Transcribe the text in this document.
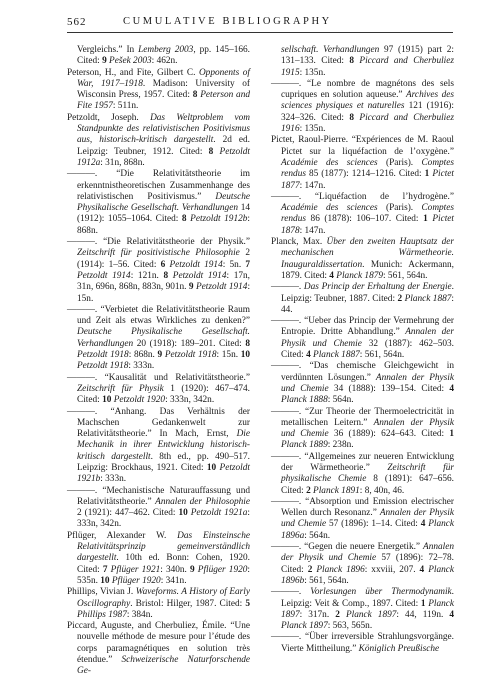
562	CUMULATIVE BIBLIOGRAPHY

Vergleichs.” In Lemberg 2003, pp. 145–166. Cited: 9 Pešek 2003: 462n.

Peterson, H., and Fite, Gilbert C. Opponents of War, 1917–1918. Madison: University of Wisconsin Press, 1957. Cited: 8 Peterson and Fite 1957: 511n.

Petzoldt, Joseph. Das Weltproblem vom Standpunkte des relativistischen Positivismus aus, historisch-kritisch dargestellt. 2d ed. Leipzig: Teubner, 1912. Cited: 8 Petzoldt 1912a: 31n, 868n.

———. “Die Relativitätstheorie im erkenntnistheoretischen Zusammenhange des relativistischen Positivismus.” Deutsche Physikalische Gesellschaft. Verhandlungen 14 (1912): 1055–1064. Cited: 8 Petzoldt 1912b: 868n.

———. “Die Relativitätstheorie der Physik.” Zeitschrift für positivistische Philosophie 2 (1914): 1–56. Cited: 6 Petzoldt 1914: 5n. 7 Petzoldt 1914: 121n. 8 Petzoldt 1914: 17n, 31n, 696n, 868n, 883n, 901n. 9 Petzoldt 1914: 15n.

———. “Verbietet die Relativitätstheorie Raum und Zeit als etwas Wirkliches zu denken?” Deutsche Physikalische Gesellschaft. Verhandlungen 20 (1918): 189–201. Cited: 8 Petzoldt 1918: 868n. 9 Petzoldt 1918: 15n. 10 Petzoldt 1918: 333n.

———. “Kausalität und Relativitätstheorie.” Zeitschrift für Physik 1 (1920): 467–474. Cited: 10 Petzoldt 1920: 333n, 342n.

———. “Anhang. Das Verhältnis der Machschen Gedankenwelt zur Relativitätstheorie.” In Mach, Ernst, Die Mechanik in ihrer Entwicklung historisch-kritisch dargestellt. 8th ed., pp. 490–517. Leipzig: Brockhaus, 1921. Cited: 10 Petzoldt 1921b: 333n.

———. “Mechanistische Naturauffassung und Relativitätstheorie.” Annalen der Philosophie 2 (1921): 447–462. Cited: 10 Petzoldt 1921a: 333n, 342n.

Pflüger, Alexander W. Das Einsteinsche Relativitätsprinzip gemeinverständlich dargestellt. 10th ed. Bonn: Cohen, 1920. Cited: 7 Pflüger 1921: 340n. 9 Pflüger 1920: 535n. 10 Pflüger 1920: 341n.

Phillips, Vivian J. Waveforms. A History of Early Oscillography. Bristol: Hilger, 1987. Cited: 5 Phillips 1987: 384n.

Piccard, Auguste, and Cherbuliez, Émile. “Une nouvelle méthode de mesure pour l’étude des corps paramagnétiques en solution très étendue.” Schweizerische Naturforschende Ge-

sellschaft. Verhandlungen 97 (1915) part 2: 131–133. Cited: 8 Piccard and Cherbuliez 1915: 135n.

———. “Le nombre de magnétons des sels cupriques en solution aqueuse.” Archives des sciences physiques et naturelles 121 (1916): 324–326. Cited: 8 Piccard and Cherbuliez 1916: 135n.

Pictet, Raoul-Pierre. “Expériences de M. Raoul Pictet sur la liquéfaction de l’oxygène.” Académie des sciences (Paris). Comptes rendus 85 (1877): 1214–1216. Cited: 1 Pictet 1877: 147n.

———. “Liquéfaction de l’hydrogène.” Académie des sciences (Paris). Comptes rendus 86 (1878): 106–107. Cited: 1 Pictet 1878: 147n.

Planck, Max. Über den zweiten Hauptsatz der mechanischen Wärmetheorie. Inauguraldissertation. Munich: Ackermann, 1879. Cited: 4 Planck 1879: 561, 564n.

———. Das Princip der Erhaltung der Energie. Leipzig: Teubner, 1887. Cited: 2 Planck 1887: 44.

———. “Ueber das Princip der Vermehrung der Entropie. Dritte Abhandlung.” Annalen der Physik und Chemie 32 (1887): 462–503. Cited: 4 Planck 1887: 561, 564n.

———. “Das chemische Gleichgewicht in verdünnten Lösungen.” Annalen der Physik und Chemie 34 (1888): 139–154. Cited: 4 Planck 1888: 564n.

———. “Zur Theorie der Thermoelectricität in metallischen Leitern.” Annalen der Physik und Chemie 36 (1889): 624–643. Cited: 1 Planck 1889: 238n.

———. “Allgemeines zur neueren Entwicklung der Wärmetheorie.” Zeitschrift für physikalische Chemie 8 (1891): 647–656. Cited: 2 Planck 1891: 8, 40n, 46.

———. “Absorption und Emission electrischer Wellen durch Resonanz.” Annalen der Physik und Chemie 57 (1896): 1–14. Cited: 4 Planck 1896a: 564n.

———. “Gegen die neuere Energetik.” Annalen der Physik und Chemie 57 (1896): 72–78. Cited: 2 Planck 1896: xxviii, 207. 4 Planck 1896b: 561, 564n.

———. Vorlesungen über Thermodynamik. Leipzig: Veit & Comp., 1897. Cited: 1 Planck 1897: 317n. 2 Planck 1897: 44, 119n. 4 Planck 1897: 563, 565n.

———. “Über irreversible Strahlungsvorgänge. Vierte Mittheilung.” Königlich Preußische
